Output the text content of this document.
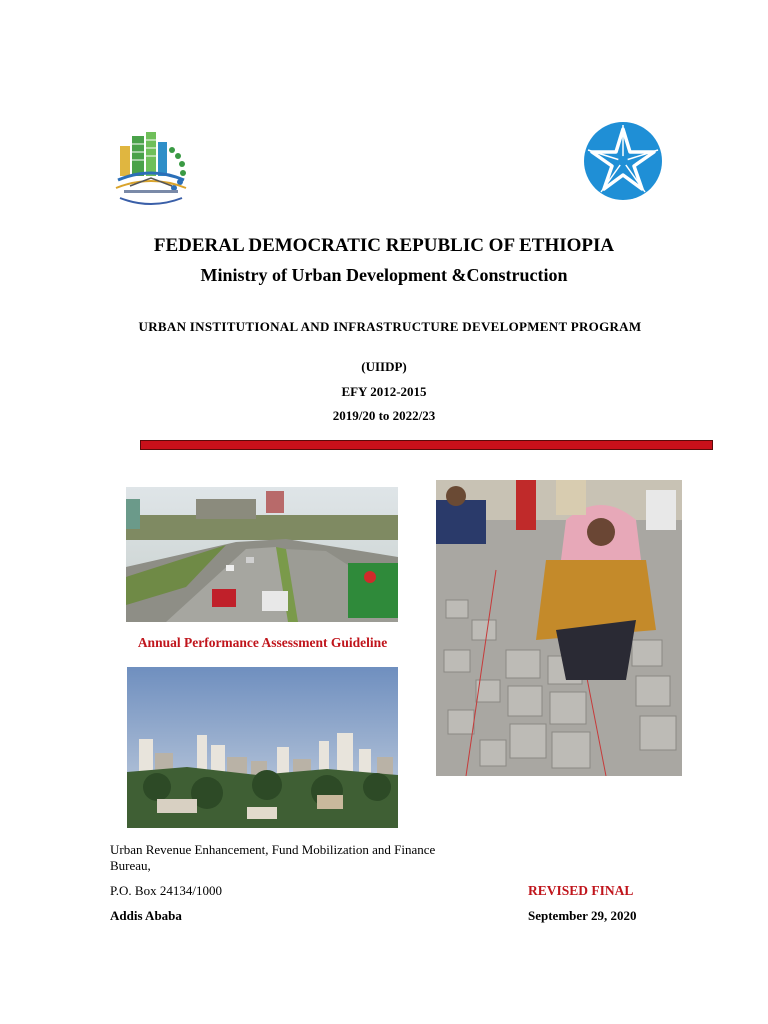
FEDERAL DEMOCRATIC REPUBLIC OF ETHIOPIA
Ministry of Urban Development &Construction
URBAN INSTITUTIONAL AND INFRASTRUCTURE DEVELOPMENT PROGRAM
(UIIDP)
EFY 2012-2015
2019/20 to 2022/23
Annual Performance Assessment Guideline
Urban Revenue Enhancement, Fund Mobilization and Finance Bureau,
P.O. Box 24134/1000
Addis Ababa
REVISED FINAL
September 29, 2020
